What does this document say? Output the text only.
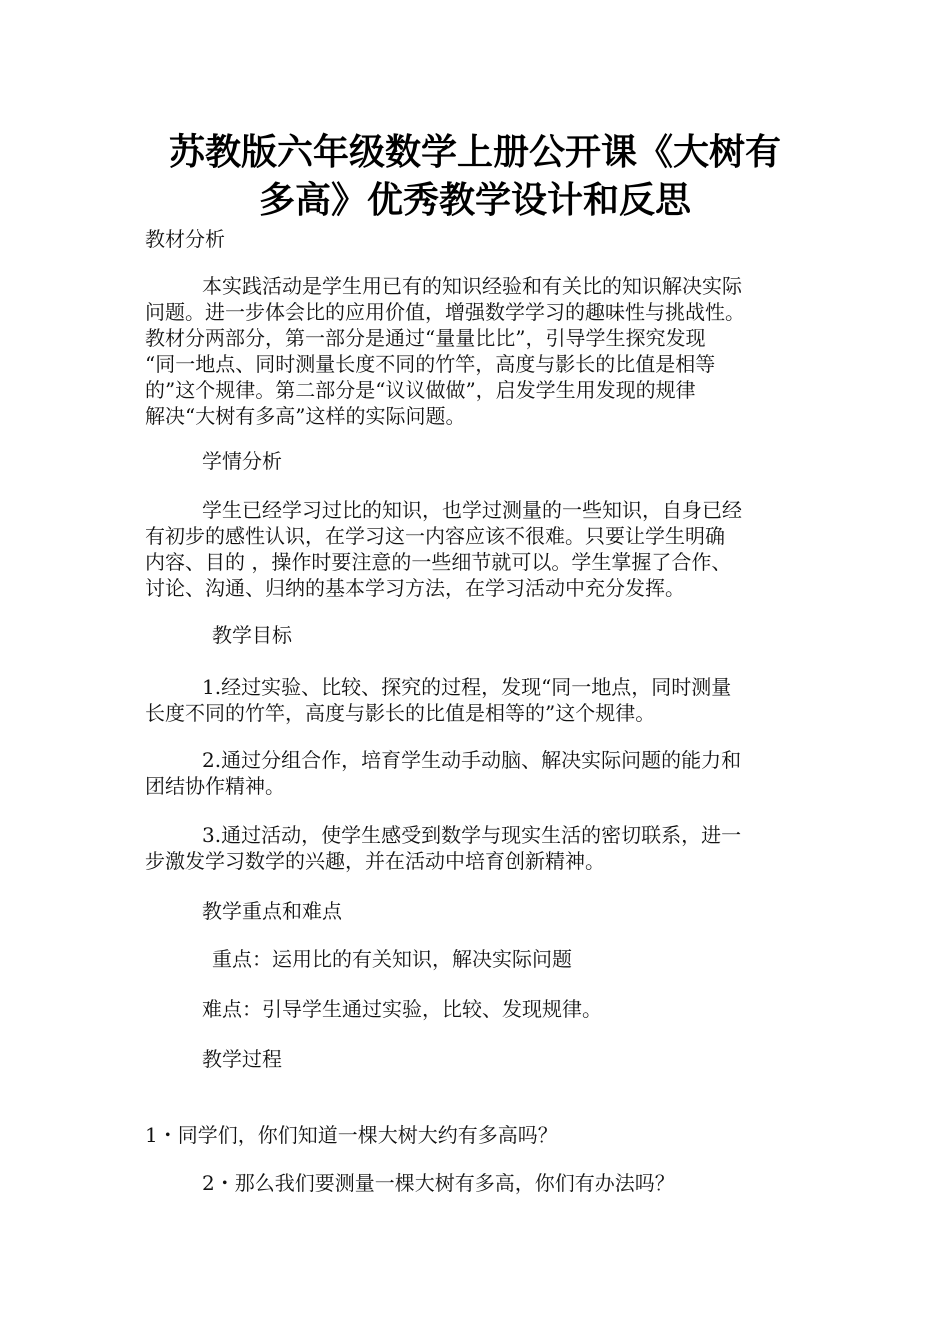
苏教版六年级数学上册公开课《大树有
多高》优秀教学设计和反思

教材分析

本实践活动是学生用已有的知识经验和有关比的知识解决实际
问题。进一步体会比的应用价值，增强数学学习的趣味性与挑战性。
教材分两部分，第一部分是通过“量量比比”，引导学生探究发现
“同一地点、同时测量长度不同的竹竿，高度与影长的比值是相等
的”这个规律。第二部分是“议议做做”，启发学生用发现的规律
解决“大树有多高”这样的实际问题。

学情分析

学生已经学习过比的知识，也学过测量的一些知识，自身已经
有初步的感性认识，在学习这一内容应该不很难。只要让学生明确
内容、目的 ，操作时要注意的一些细节就可以。学生掌握了合作、
讨论、沟通、归纳的基本学习方法，在学习活动中充分发挥。

教学目标

1.经过实验、比较、探究的过程，发现“同一地点，同时测量
长度不同的竹竿，高度与影长的比值是相等的”这个规律。
2.通过分组合作，培育学生动手动脑、解决实际问题的能力和
团结协作精神。
3.通过活动，使学生感受到数学与现实生活的密切联系，进一
步激发学习数学的兴趣，并在活动中培育创新精神。

教学重点和难点

重点：运用比的有关知识，解决实际问题

难点：引导学生通过实验，比较、发现规律。

教学过程

1・同学们，你们知道一棵大树大约有多高吗？

2・那么我们要测量一棵大树有多高，你们有办法吗？
